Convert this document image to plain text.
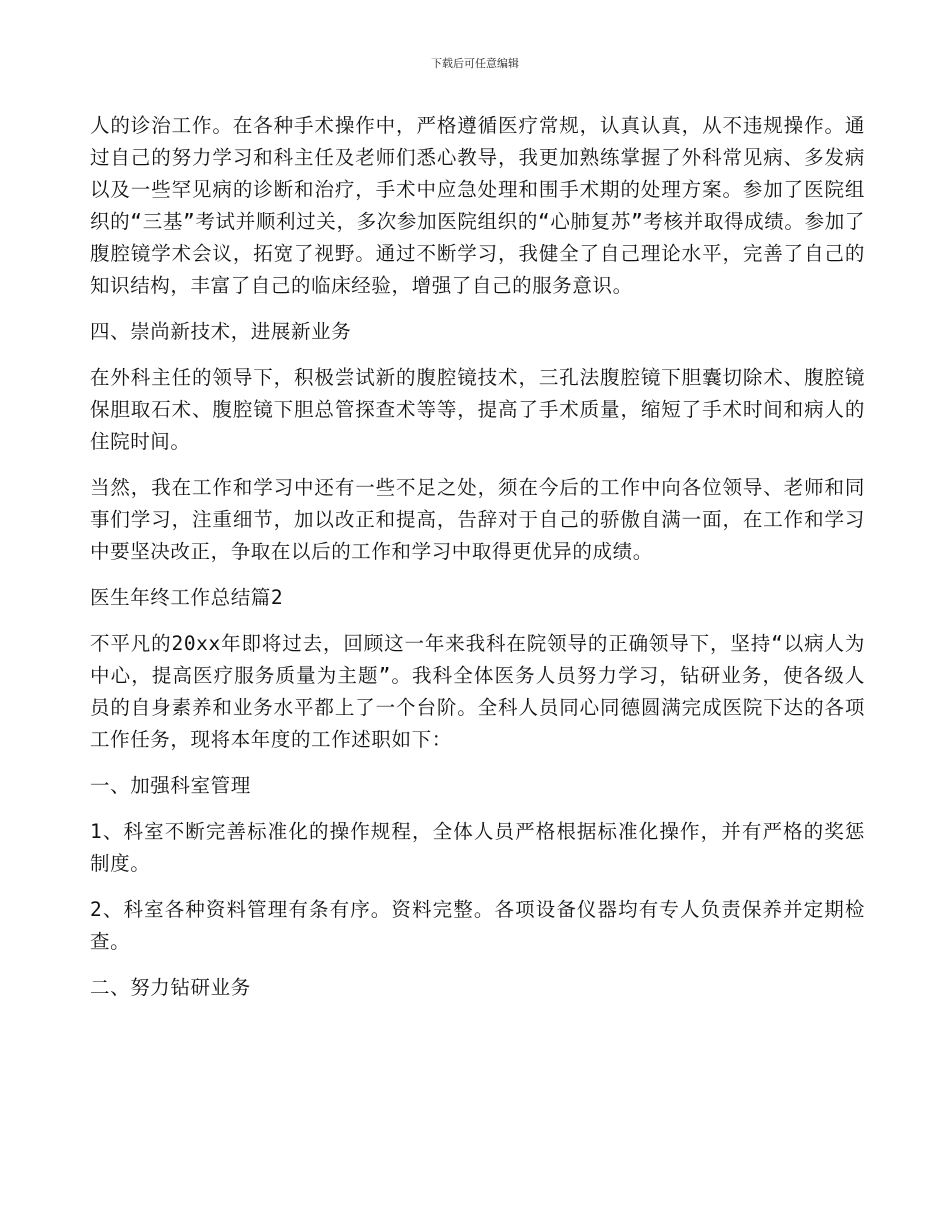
下载后可任意编辑

人的诊治工作。在各种手术操作中，严格遵循医疗常规，认真认真，从不违规操作。通过自己的努力学习和科主任及老师们悉心教导，我更加熟练掌握了外科常见病、多发病以及一些罕见病的诊断和治疗，手术中应急处理和围手术期的处理方案。参加了医院组织的“三基”考试并顺利过关，多次参加医院组织的“心肺复苏”考核并取得成绩。参加了腹腔镜学术会议，拓宽了视野。通过不断学习，我健全了自己理论水平，完善了自己的知识结构，丰富了自己的临床经验，增强了自己的服务意识。

四、崇尚新技术，进展新业务

在外科主任的领导下，积极尝试新的腹腔镜技术，三孔法腹腔镜下胆囊切除术、腹腔镜保胆取石术、腹腔镜下胆总管探查术等等，提高了手术质量，缩短了手术时间和病人的住院时间。

当然，我在工作和学习中还有一些不足之处，须在今后的工作中向各位领导、老师和同事们学习，注重细节，加以改正和提高，告辞对于自己的骄傲自满一面，在工作和学习中要坚决改正，争取在以后的工作和学习中取得更优异的成绩。

医生年终工作总结篇2

不平凡的20xx年即将过去，回顾这一年来我科在院领导的正确领导下，坚持“以病人为中心，提高医疗服务质量为主题”。我科全体医务人员努力学习，钻研业务，使各级人员的自身素养和业务水平都上了一个台阶。全科人员同心同德圆满完成医院下达的各项工作任务，现将本年度的工作述职如下：

一、加强科室管理

1、科室不断完善标准化的操作规程，全体人员严格根据标准化操作，并有严格的奖惩制度。

2、科室各种资料管理有条有序。资料完整。各项设备仪器均有专人负责保养并定期检查。

二、努力钻研业务
